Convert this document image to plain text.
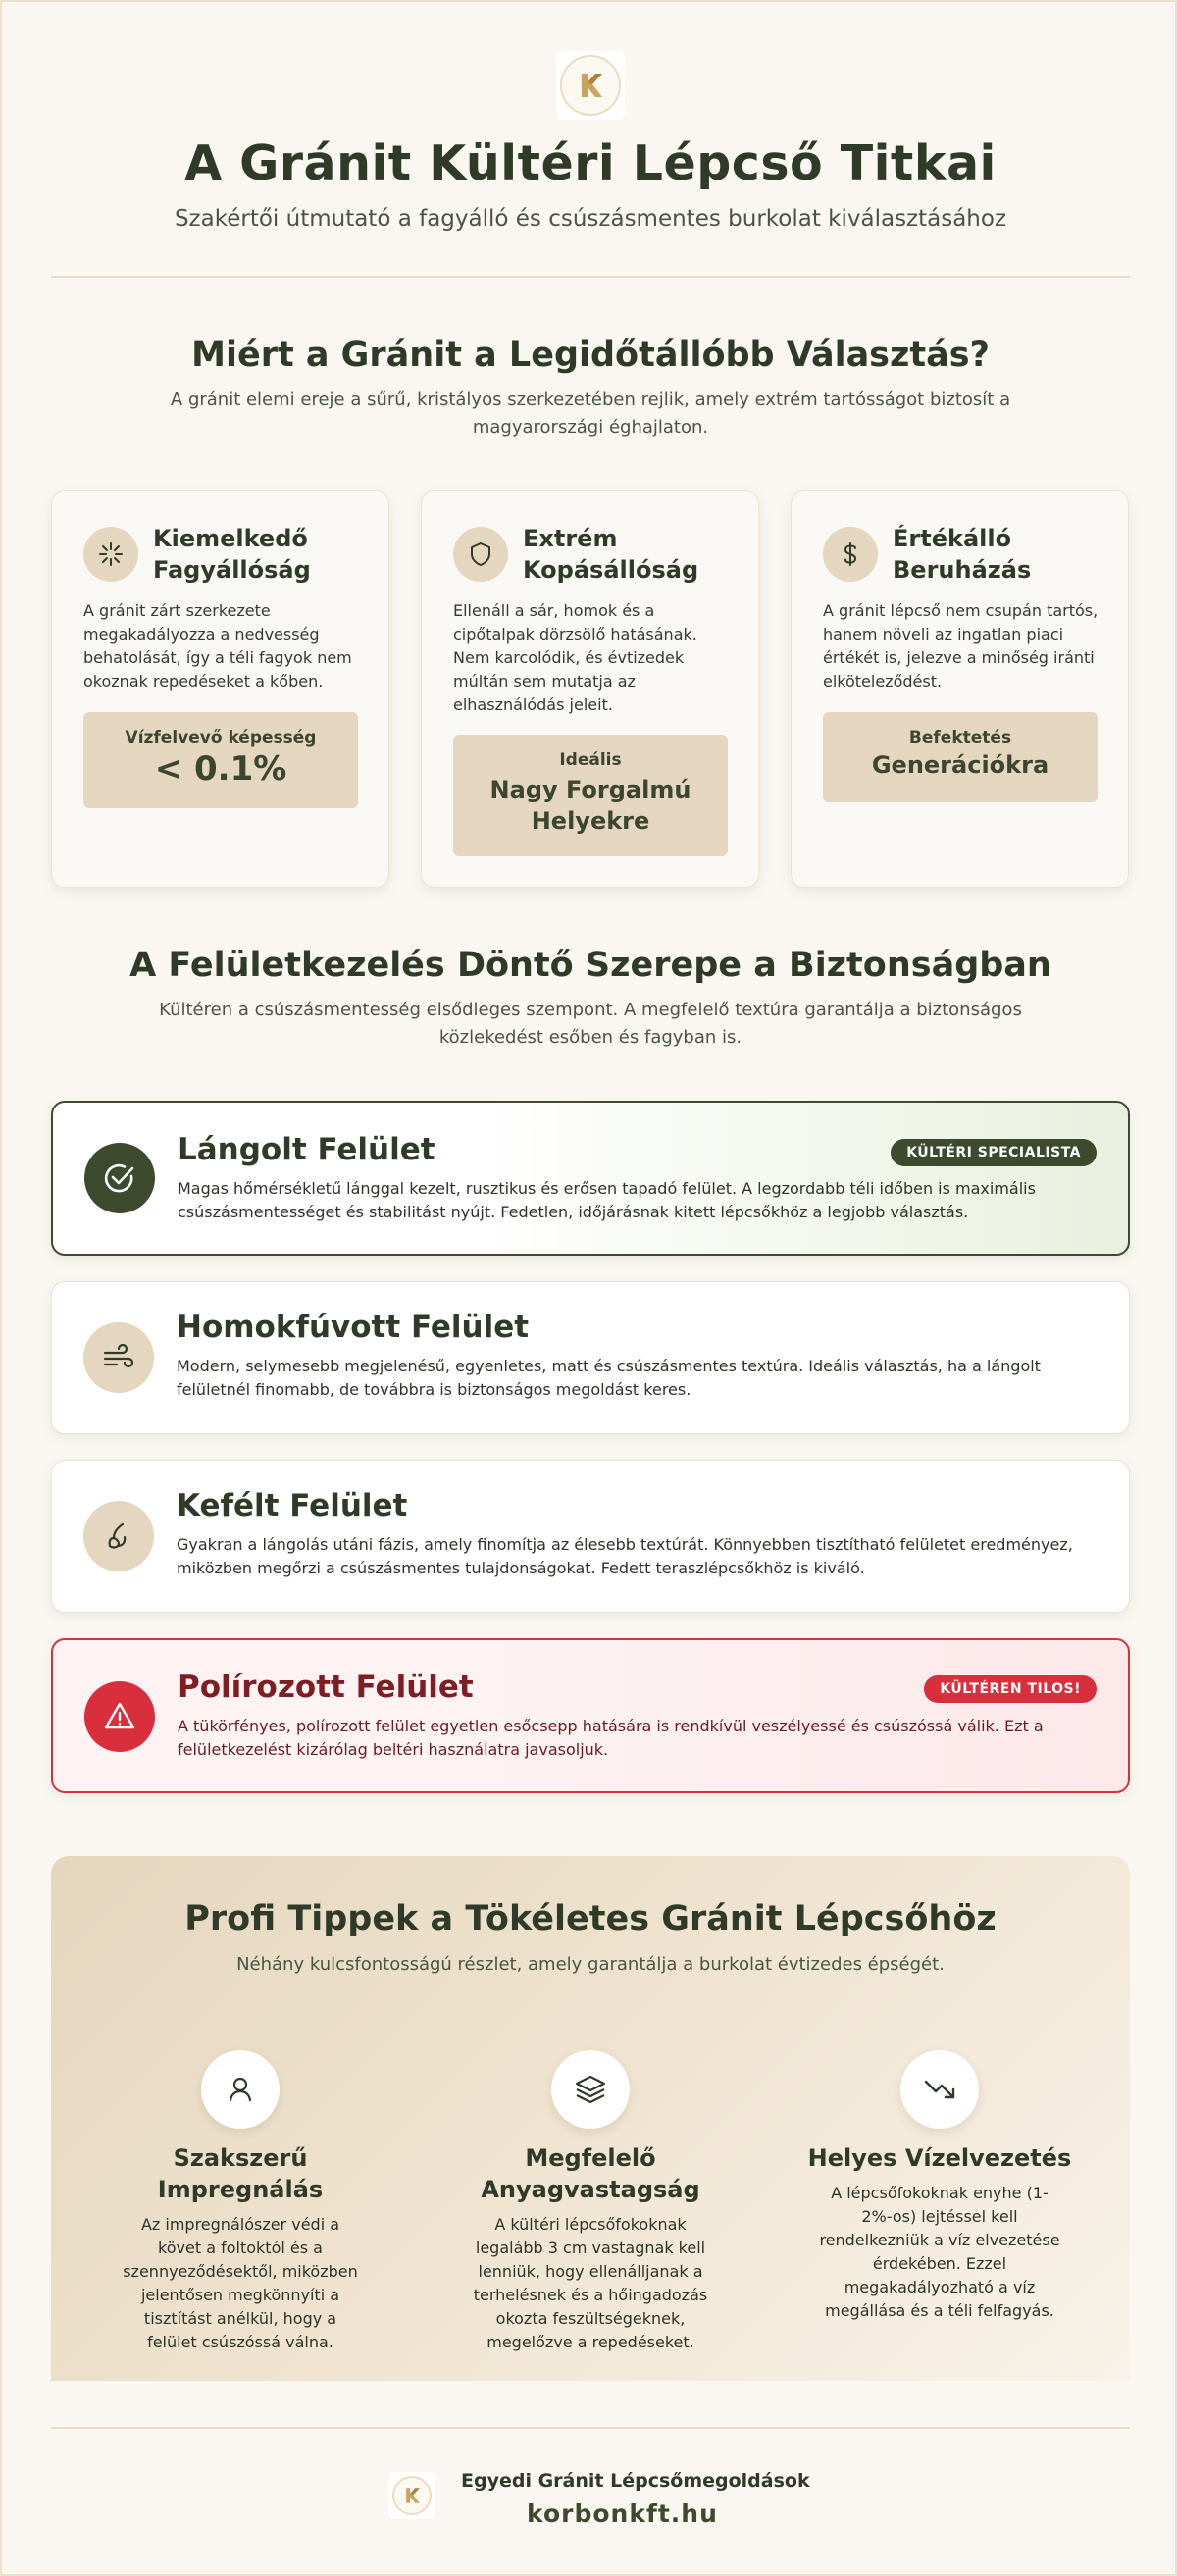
A Gránit Kültéri Lépcső Titkai
Szakértői útmutató a fagyálló és csúszásmentes burkolat kiválasztásához
Miért a Gránit a Legidőtállóbb Választás?
A gránit elemi ereje a sűrű, kristályos szerkezetében rejlik, amely extrém tartósságot biztosít a magyarországi éghajlaton.
Kiemelkedő Fagyállóság
A gránit zárt szerkezete megakadályozza a nedvesség behatolását, így a téli fagyok nem okoznak repedéseket a kőben.
Vízfelvevő képesség
< 0.1%
Extrém Kopásállóság
Ellenáll a sár, homok és a cipőtalpak dörzsölő hatásának. Nem karcolódik, és évtizedek múltán sem mutatja az elhasználódás jeleit.
Ideális
Nagy Forgalmú Helyekre
Értékálló Beruházás
A gránit lépcső nem csupán tartós, hanem növeli az ingatlan piaci értékét is, jelezve a minőség iránti elköteleződést.
Befektetés
Generációkra
A Felületkezelés Döntő Szerepe a Biztonságban
Kültéren a csúszásmentesség elsődleges szempont. A megfelelő textúra garantálja a biztonságos közlekedést esőben és fagyban is.
Lángolt Felület	KÜLTÉRI SPECIALISTA
Magas hőmérsékletű lánggal kezelt, rusztikus és erősen tapadó felület. A legzordabb téli időben is maximális csúszásmentességet és stabilitást nyújt. Fedetlen, időjárásnak kitett lépcsőkhöz a legjobb választás.
Homokfúvott Felület
Modern, selymesebb megjelenésű, egyenletes, matt és csúszásmentes textúra. Ideális választás, ha a lángolt felületnél finomabb, de továbbra is biztonságos megoldást keres.
Kefélt Felület
Gyakran a lángolás utáni fázis, amely finomítja az élesebb textúrát. Könnyebben tisztítható felületet eredményez, miközben megőrzi a csúszásmentes tulajdonságokat. Fedett teraszlépcsőkhöz is kiváló.
Polírozott Felület	KÜLTÉREN TILOS!
A tükörfényes, polírozott felület egyetlen esőcsepp hatására is rendkívül veszélyessé és csúszóssá válik. Ezt a felületkezelést kizárólag beltéri használatra javasoljuk.
Profi Tippek a Tökéletes Gránit Lépcsőhöz
Néhány kulcsfontosságú részlet, amely garantálja a burkolat évtizedes épségét.
Szakszerű Impregnálás
Az impregnálószer védi a követ a foltoktól és a szennyeződésektől, miközben jelentősen megkönnyíti a tisztítást anélkül, hogy a felület csúszóssá válna.
Megfelelő Anyagvastagság
A kültéri lépcsőfokoknak legalább 3 cm vastagnak kell lenniük, hogy ellenálljanak a terhelésnek és a hőingadozás okozta feszültségeknek, megelőzve a repedéseket.
Helyes Vízelvezetés
A lépcsőfokoknak enyhe (1-2%-os) lejtéssel kell rendelkezniük a víz elvezetése érdekében. Ezzel megakadályozható a víz megállása és a téli felfagyás.
Egyedi Gránit Lépcsőmegoldások
korbonkft.hu
